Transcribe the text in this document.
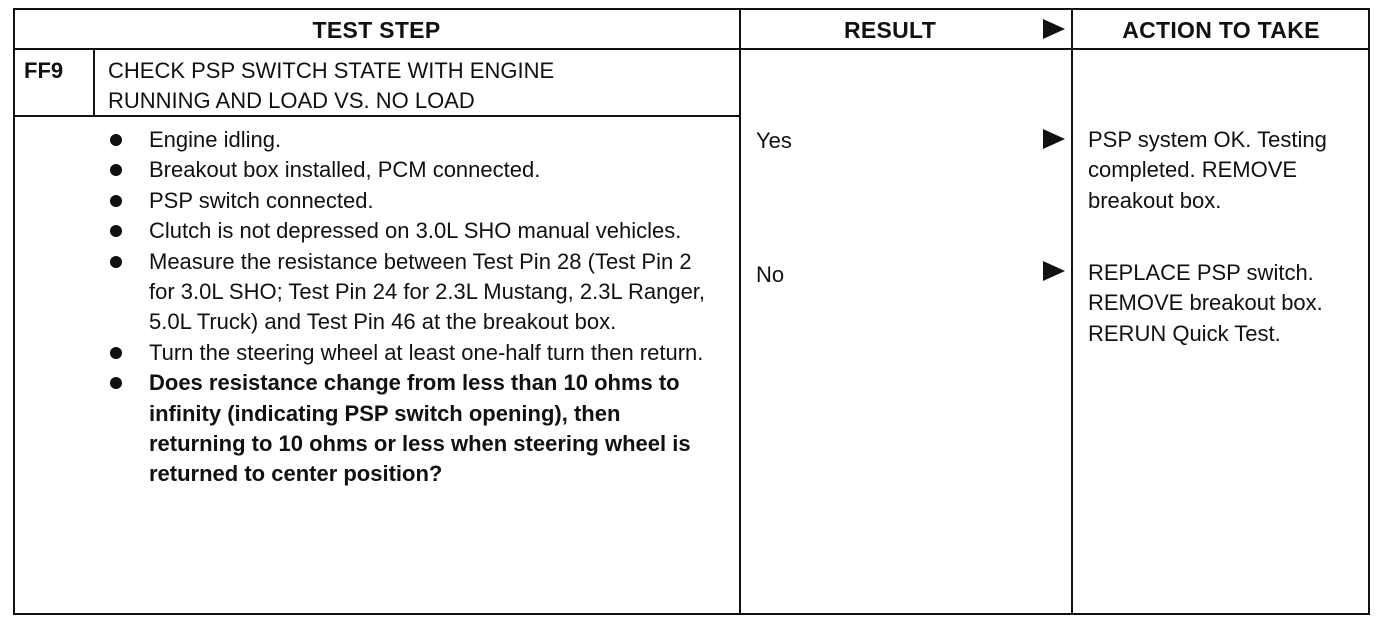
TEST STEP	RESULT	ACTION TO TAKE
FF9 CHECK PSP SWITCH STATE WITH ENGINE
RUNNING AND LOAD VS. NO LOAD
Engine idling.
Breakout box installed, PCM connected.
PSP switch connected.
Clutch is not depressed on 3.0L SHO manual vehicles.
Measure the resistance between Test Pin 28 (Test Pin 2 for 3.0L SHO; Test Pin 24 for 2.3L Mustang, 2.3L Ranger, 5.0L Truck) and Test Pin 46 at the breakout box.
Turn the steering wheel at least one-half turn then return.
Does resistance change from less than 10 ohms to infinity (indicating PSP switch opening), then returning to 10 ohms or less when steering wheel is returned to center position?
Yes
No
PSP system OK. Testing completed. REMOVE breakout box.
REPLACE PSP switch. REMOVE breakout box. RERUN Quick Test.
